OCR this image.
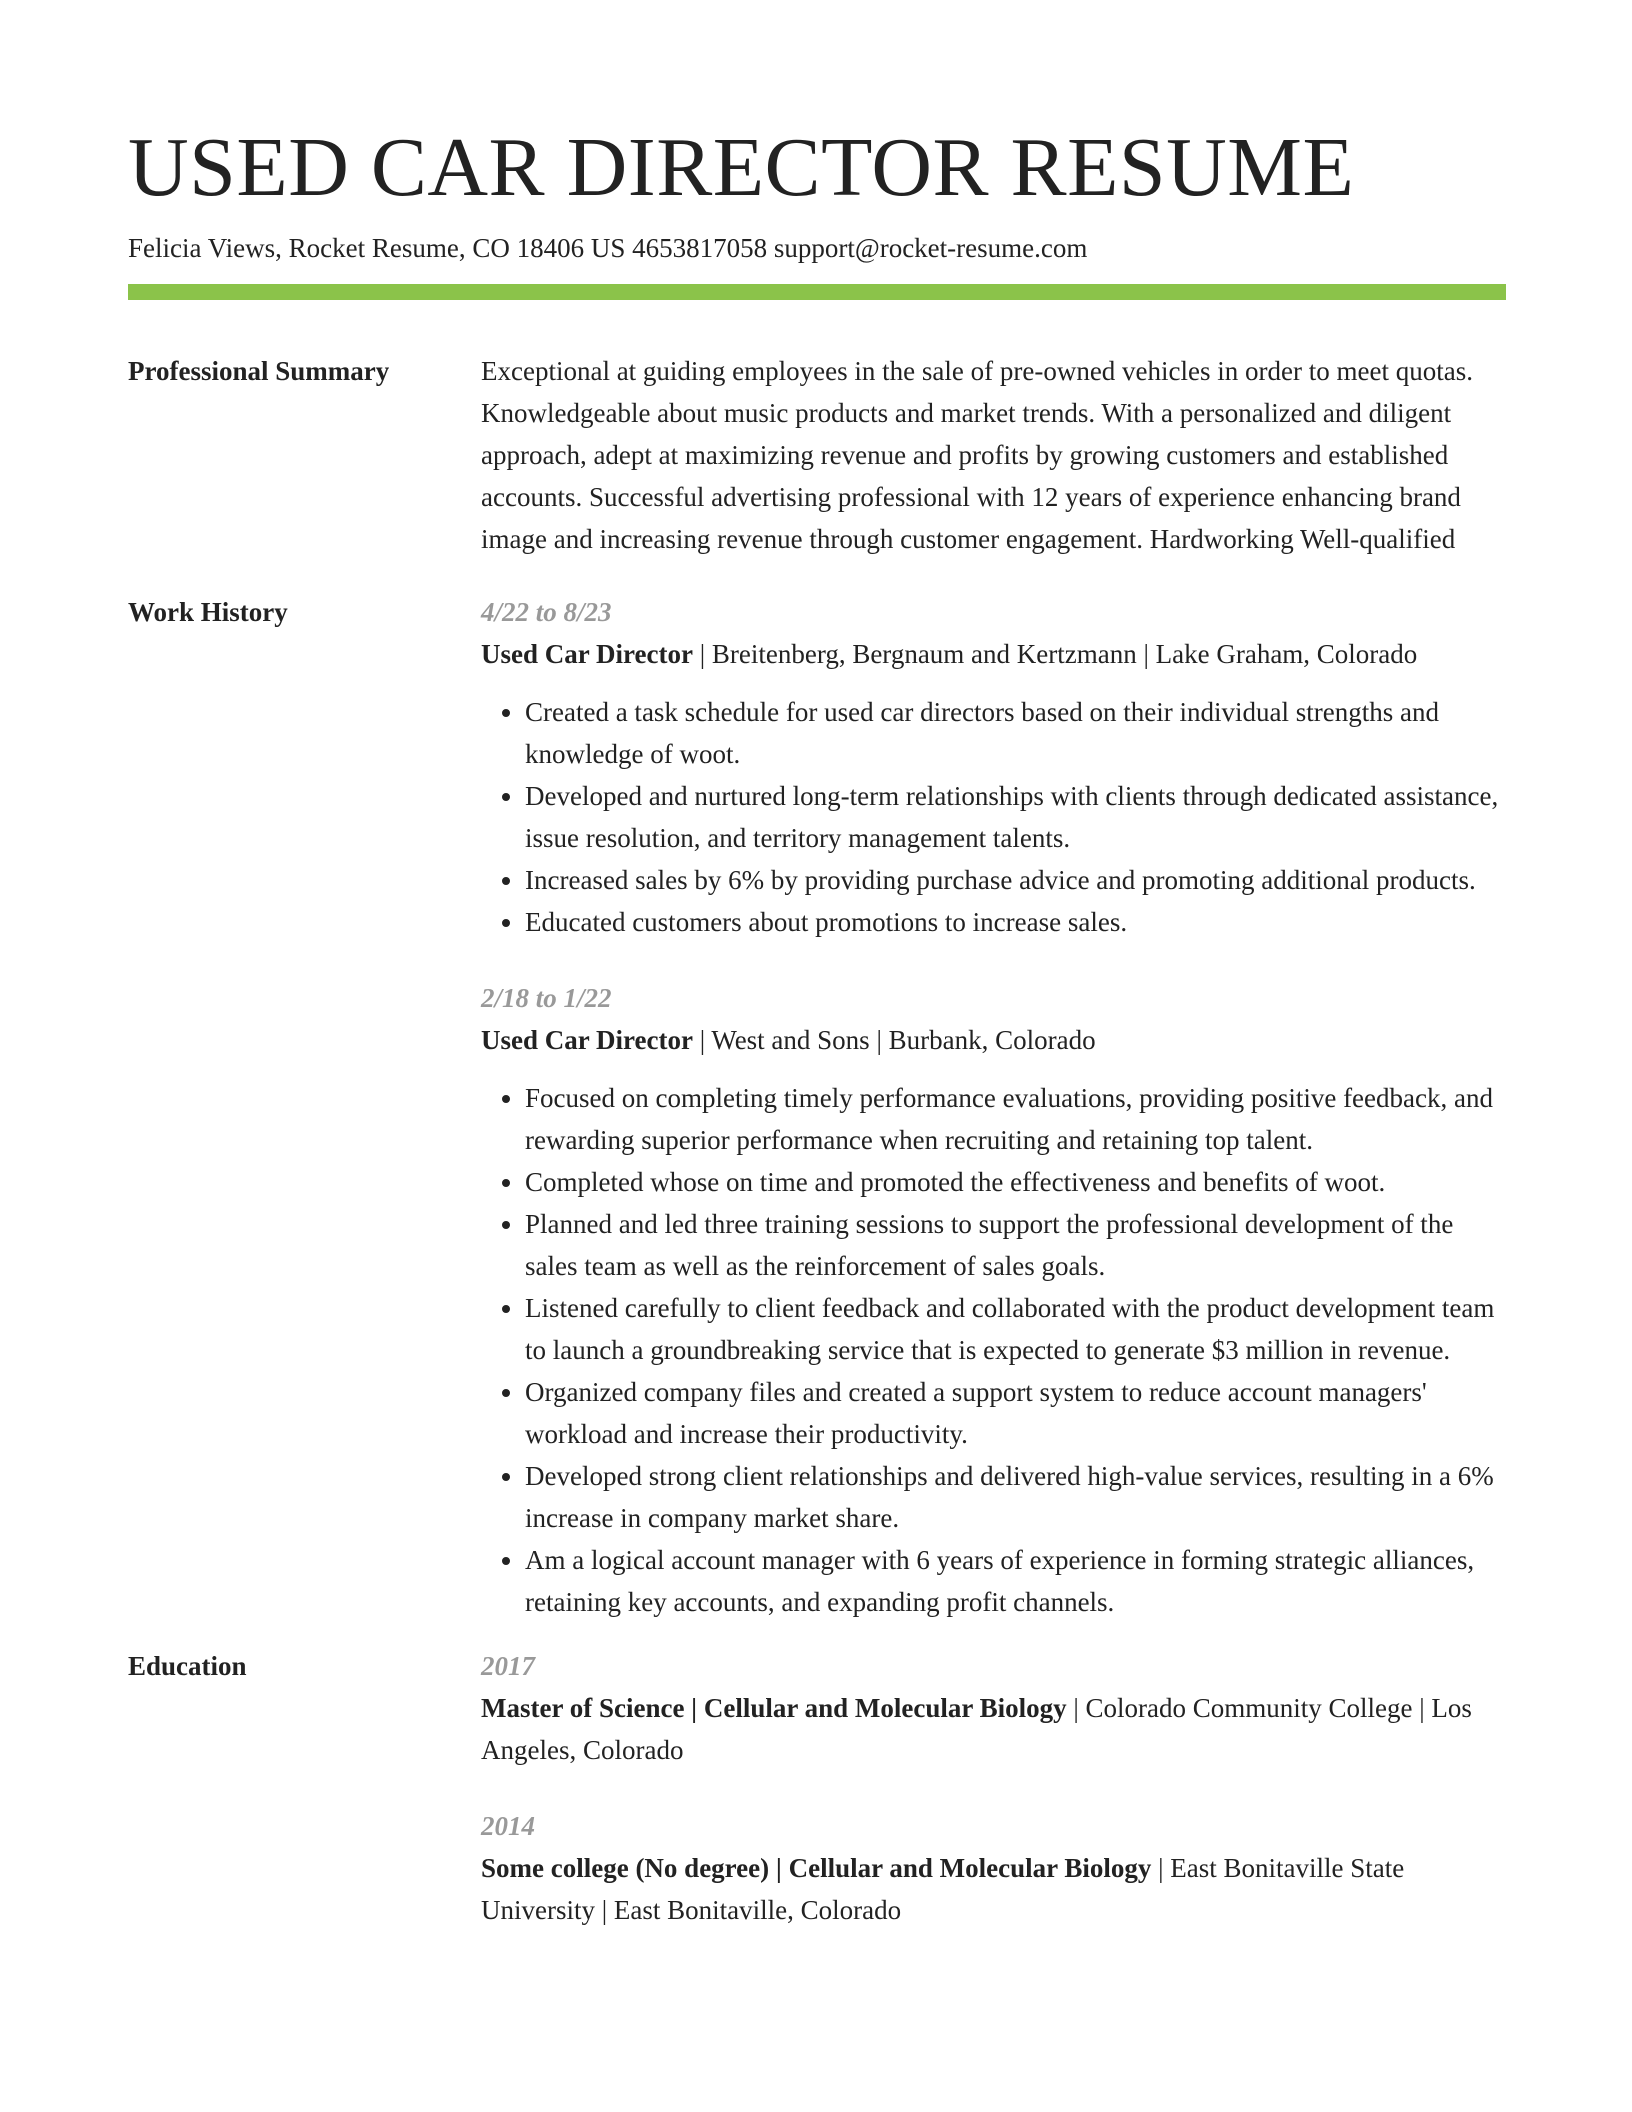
USED CAR DIRECTOR RESUME
Felicia Views, Rocket Resume, CO 18406 US 4653817058 support@rocket-resume.com
Professional Summary	Exceptional at guiding employees in the sale of pre-owned vehicles in order to meet quotas. Knowledgeable about music products and market trends. With a personalized and diligent approach, adept at maximizing revenue and profits by growing customers and established accounts. Successful advertising professional with 12 years of experience enhancing brand image and increasing revenue through customer engagement. Hardworking Well-qualified
Work History	4/22 to 8/23
Used Car Director | Breitenberg, Bergnaum and Kertzmann | Lake Graham, Colorado
• Created a task schedule for used car directors based on their individual strengths and knowledge of woot.
• Developed and nurtured long-term relationships with clients through dedicated assistance, issue resolution, and territory management talents.
• Increased sales by 6% by providing purchase advice and promoting additional products.
• Educated customers about promotions to increase sales.
2/18 to 1/22
Used Car Director | West and Sons | Burbank, Colorado
• Focused on completing timely performance evaluations, providing positive feedback, and rewarding superior performance when recruiting and retaining top talent.
• Completed whose on time and promoted the effectiveness and benefits of woot.
• Planned and led three training sessions to support the professional development of the sales team as well as the reinforcement of sales goals.
• Listened carefully to client feedback and collaborated with the product development team to launch a groundbreaking service that is expected to generate $3 million in revenue.
• Organized company files and created a support system to reduce account managers' workload and increase their productivity.
• Developed strong client relationships and delivered high-value services, resulting in a 6% increase in company market share.
• Am a logical account manager with 6 years of experience in forming strategic alliances, retaining key accounts, and expanding profit channels.
Education	2017
Master of Science | Cellular and Molecular Biology | Colorado Community College | Los Angeles, Colorado
2014
Some college (No degree) | Cellular and Molecular Biology | East Bonitaville State University | East Bonitaville, Colorado
